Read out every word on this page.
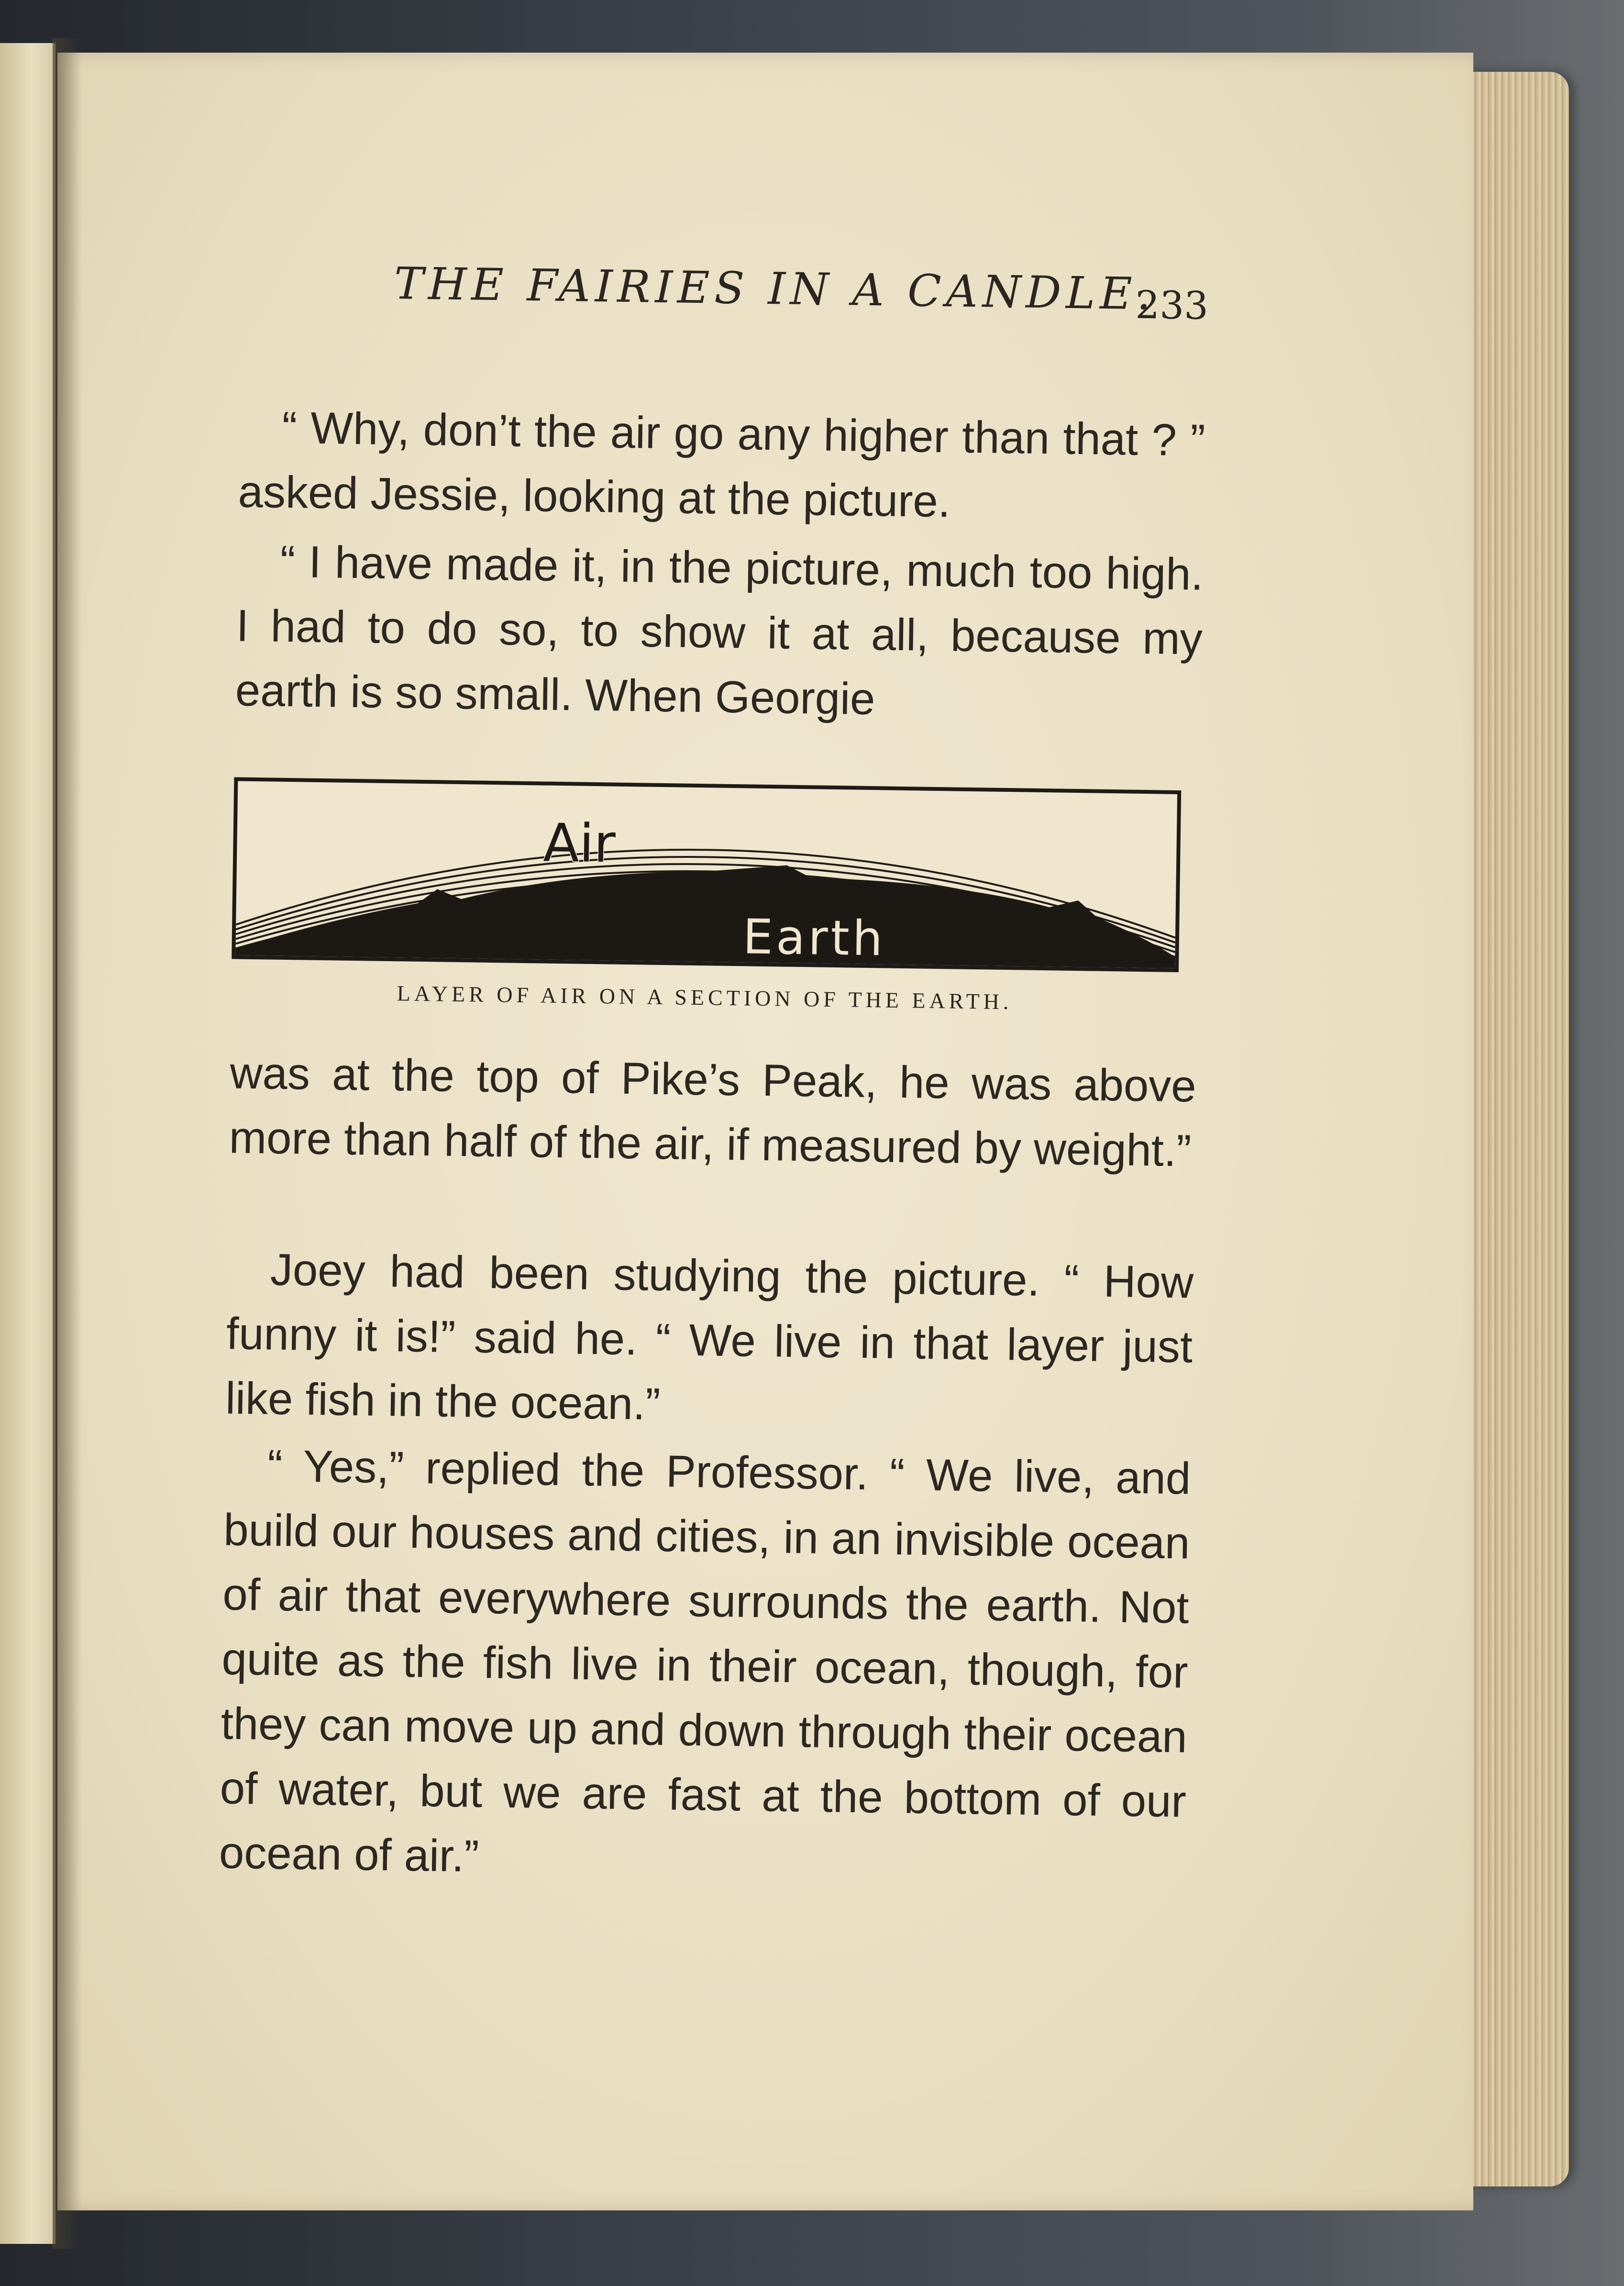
THE FAIRIES IN A CANDLE.
233
“ Why, don’t the air go any higher than that ? ” asked Jessie, looking at the picture.
“ I have made it, in the picture, much too high. I had to do so, to show it at all, because my earth is so small. When Georgie
Air
Earth
LAYER OF AIR ON A SECTION OF THE EARTH.
was at the top of Pike’s Peak, he was above more than half of the air, if measured by weight.”
Joey had been studying the picture. “ How funny it is!” said he. “ We live in that layer just like fish in the ocean.”
“ Yes,” replied the Professor. “ We live, and build our houses and cities, in an invisible ocean of air that everywhere surrounds the earth. Not quite as the fish live in their ocean, though, for they can move up and down through their ocean of water, but we are fast at the bottom of our ocean of air.”
